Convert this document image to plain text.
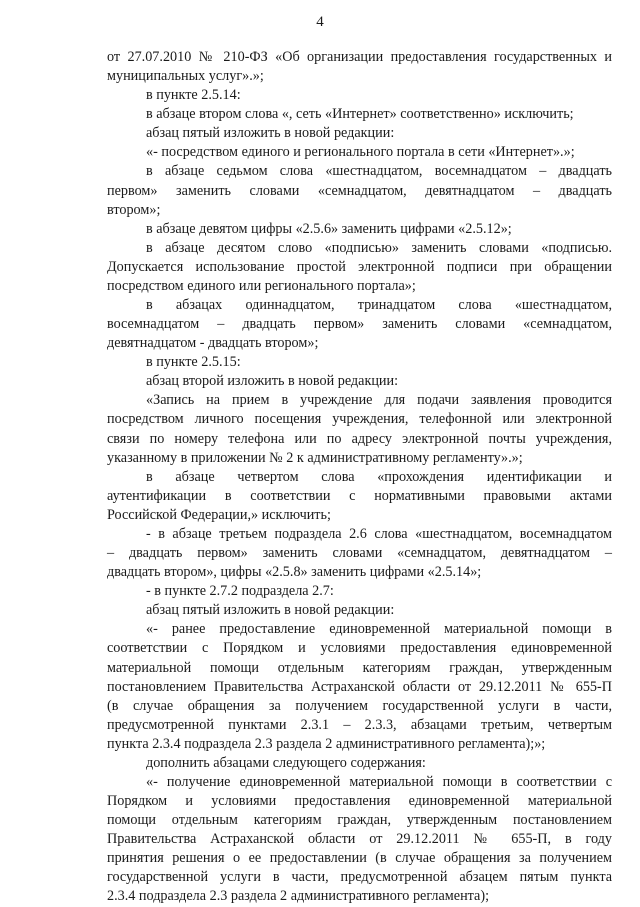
4
от 27.07.2010 № 210-ФЗ «Об организации предоставления государственных и
муниципальных услуг».»;
в пункте 2.5.14:
в абзаце втором слова «, сеть «Интернет» соответственно» исключить;
абзац пятый изложить в новой редакции:
«- посредством единого и регионального портала в сети «Интернет».»;
в абзаце седьмом слова «шестнадцатом, восемнадцатом – двадцать
первом» заменить словами «семнадцатом, девятнадцатом – двадцать
втором»;
в абзаце девятом цифры «2.5.6» заменить цифрами «2.5.12»;
в абзаце десятом слово «подписью» заменить словами «подписью.
Допускается использование простой электронной подписи при обращении
посредством единого или регионального портала»;
в абзацах одиннадцатом, тринадцатом слова «шестнадцатом,
восемнадцатом – двадцать первом» заменить словами «семнадцатом,
девятнадцатом - двадцать втором»;
в пункте 2.5.15:
абзац второй изложить в новой редакции:
«Запись на прием в учреждение для подачи заявления проводится
посредством личного посещения учреждения, телефонной или электронной
связи по номеру телефона или по адресу электронной почты учреждения,
указанному в приложении № 2 к административному регламенту».»;
в абзаце четвертом слова «прохождения идентификации и
аутентификации в соответствии с нормативными правовыми актами
Российской Федерации,» исключить;
- в абзаце третьем подраздела 2.6 слова «шестнадцатом, восемнадцатом
– двадцать первом» заменить словами «семнадцатом, девятнадцатом –
двадцать втором», цифры «2.5.8» заменить цифрами «2.5.14»;
- в пункте 2.7.2 подраздела 2.7:
абзац пятый изложить в новой редакции:
«- ранее предоставление единовременной материальной помощи в
соответствии с Порядком и условиями предоставления единовременной
материальной помощи отдельным категориям граждан, утвержденным
постановлением Правительства Астраханской области от 29.12.2011 № 655-П
(в случае обращения за получением государственной услуги в части,
предусмотренной пунктами 2.3.1 – 2.3.3, абзацами третьим, четвертым
пункта 2.3.4 подраздела 2.3 раздела 2 административного регламента);»;
дополнить абзацами следующего содержания:
«- получение единовременной материальной помощи в соответствии с
Порядком и условиями предоставления единовременной материальной
помощи отдельным категориям граждан, утвержденным постановлением
Правительства Астраханской области от 29.12.2011 № 655-П, в году
принятия решения о ее предоставлении (в случае обращения за получением
государственной услуги в части, предусмотренной абзацем пятым пункта
2.3.4 подраздела 2.3 раздела 2 административного регламента);
